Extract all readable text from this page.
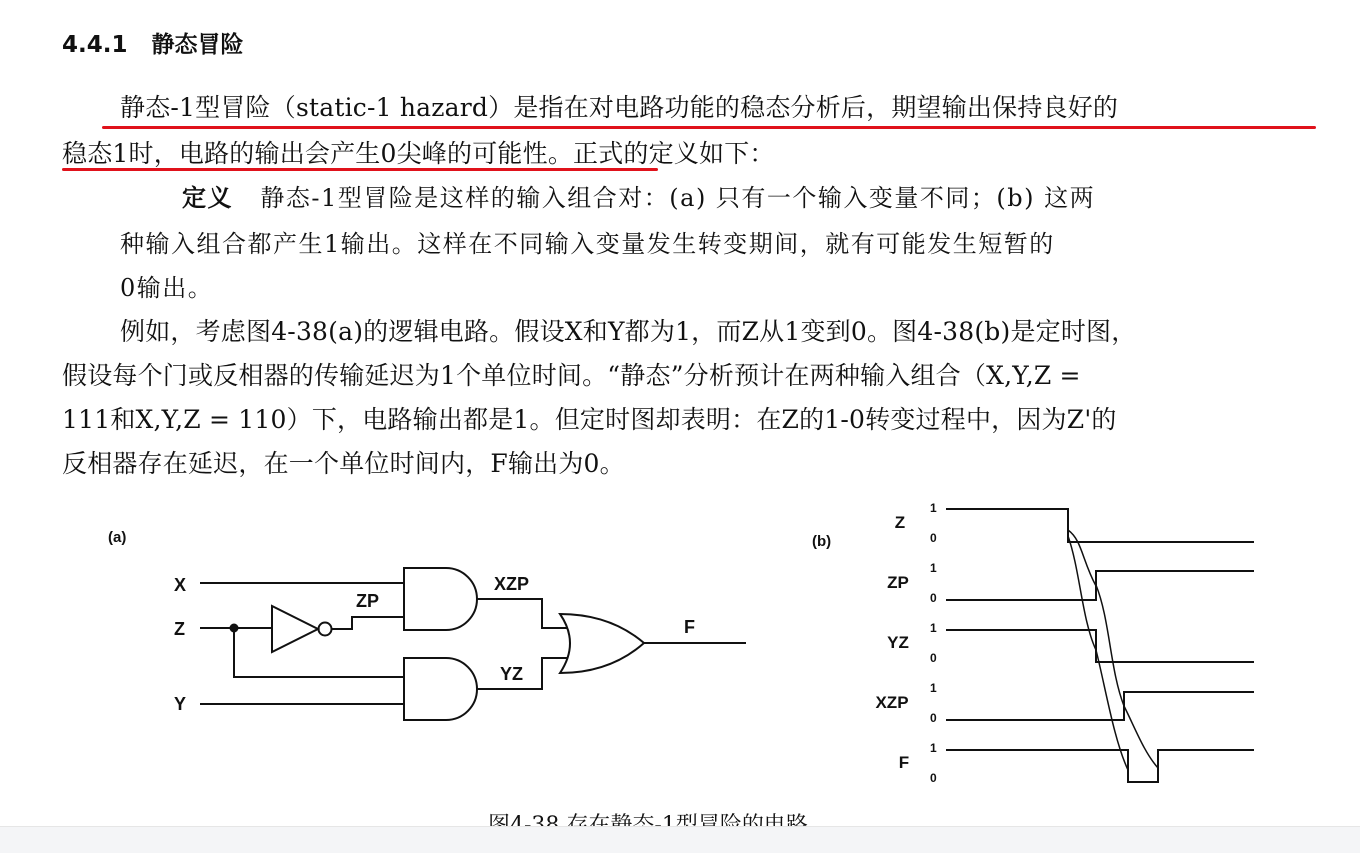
4.4.1 静态冒险
静态-1型冒险（static-1 hazard）是指在对电路功能的稳态分析后，期望输出保持良好的
稳态1时，电路的输出会产生0尖峰的可能性。正式的定义如下：
定义 静态-1型冒险是这样的输入组合对：(a) 只有一个输入变量不同；(b) 这两
种输入组合都产生1输出。这样在不同输入变量发生转变期间，就有可能发生短暂的
0输出。
例如，考虑图4-38(a)的逻辑电路。假设X和Y都为1，而Z从1变到0。图4-38(b)是定时图，
假设每个门或反相器的传输延迟为1个单位时间。“静态”分析预计在两种输入组合（X,Y,Z =
111和X,Y,Z = 110）下，电路输出都是1。但定时图却表明：在Z的1-0转变过程中，因为Z'的
反相器存在延迟，在一个单位时间内，F输出为0。
(a)
X
Z
Y
ZP
XZP
YZ
F
(b)
Z
ZP
YZ
XZP
F
1
0
1
0
1
0
1
0
1
0
